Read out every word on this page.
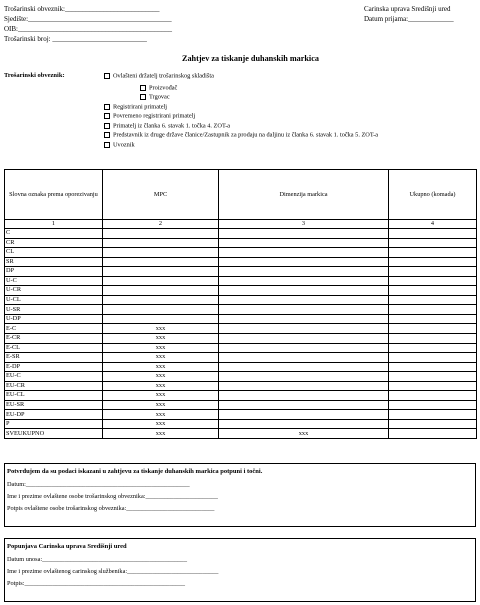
Trošarinski obveznik:___________________________
Sjedište:_________________________________________
OIB:____________________________________________
Trošarinski broj: ___________________________
Carinska uprava Središnji ured
Datum prijama:_____________
Zahtjev za tiskanje duhanskih markica
Trošarinski obveznik:	Ovlašteni držatelj trošarinskog skladišta
Proizvođač
Trgovac
Registrirani primatelj
Povremeno registrirani primatelj
Primatelj iz članka 6. stavak 1. točka 4. ZOT-a
Predstavnik iz druge države članice/Zastupnik za prodaju na daljinu iz članka 6. stavak 1. točka 5. ZOT-a
Uvoznik
Slovna oznaka prema oporezivanju	MPC	Dimenzija markica	Ukupno (komada)
1	2	3	4
C			
CR			
CL			
SR			
DP			
U-C			
U-CR			
U-CL			
U-SR			
U-DP			
E-C	xxx		
E-CR	xxx		
E-CL	xxx		
E-SR	xxx		
E-DP	xxx		
EU-C	xxx		
EU-CR	xxx		
EU-CL	xxx		
EU-SR	xxx		
EU-DP	xxx		
P	xxx		
SVEUKUPNO	xxx	xxx	
Potvrđujem da su podaci iskazani u zahtjevu za tiskanje duhanskih markica potpuni i točni.
Datum:____________________________________________________
Ime i prezime ovlaštene osobe trošarinskog obveznika:_______________________
Potpis ovlaštene osobe trošarinskog obveznika:____________________________
Popunjava Carinska uprava Središnji ured
Datum unosa:______________________________________________
Ime i prezime ovlaštenog carinskog službenika:_____________________________
Potpis:___________________________________________________
